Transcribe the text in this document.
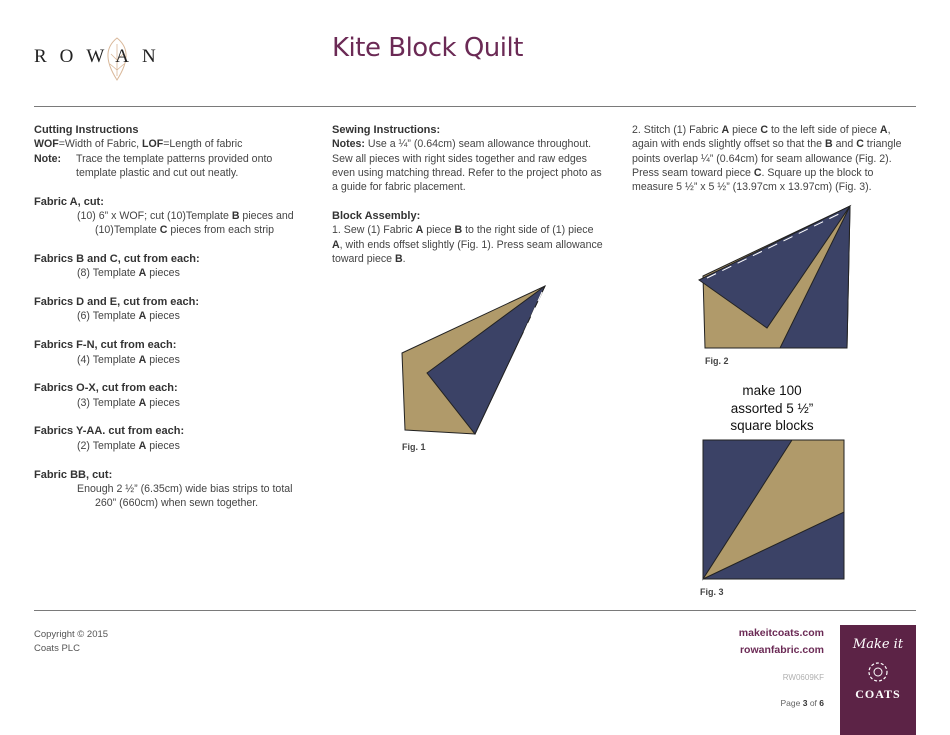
ROWAN	Kite Block Quilt
Cutting Instructions
WOF=Width of Fabric, LOF=Length of fabric
Note:	Trace the template patterns provided onto
template plastic and cut out neatly.
Fabric A, cut:
(10) 6” x WOF; cut (10)Template B pieces and
(10)Template C pieces from each strip
Fabrics B and C, cut from each:
(8) Template A pieces
Fabrics D and E, cut from each:
(6) Template A pieces
Fabrics F-N, cut from each:
(4) Template A pieces
Fabrics O-X, cut from each:
(3) Template A pieces
Fabrics Y-AA. cut from each:
(2) Template A pieces
Fabric BB, cut:
Enough 2 ½” (6.35cm) wide bias strips to total
260” (660cm) when sewn together.
Sewing Instructions:
Notes: Use a ¼” (0.64cm) seam allowance throughout.
Sew all pieces with right sides together and raw edges
even using matching thread. Refer to the project photo as
a guide for fabric placement.
Block Assembly:
1. Sew (1) Fabric A piece B to the right side of (1) piece
A, with ends offset slightly (Fig. 1). Press seam allowance
toward piece B.
2. Stitch (1) Fabric A piece C to the left side of piece A,
again with ends slightly offset so that the B and C triangle
points overlap ¼” (0.64cm) for seam allowance (Fig. 2).
Press seam toward piece C. Square up the block to
measure 5 ½” x 5 ½” (13.97cm x 13.97cm) (Fig. 3).
Fig. 1
Fig. 2
make 100
assorted 5 ½”
square blocks
Fig. 3
Copyright © 2015
Coats PLC
makeitcoats.com
rowanfabric.com
RW0609KF
Page 3 of 6
Make it
COATS
